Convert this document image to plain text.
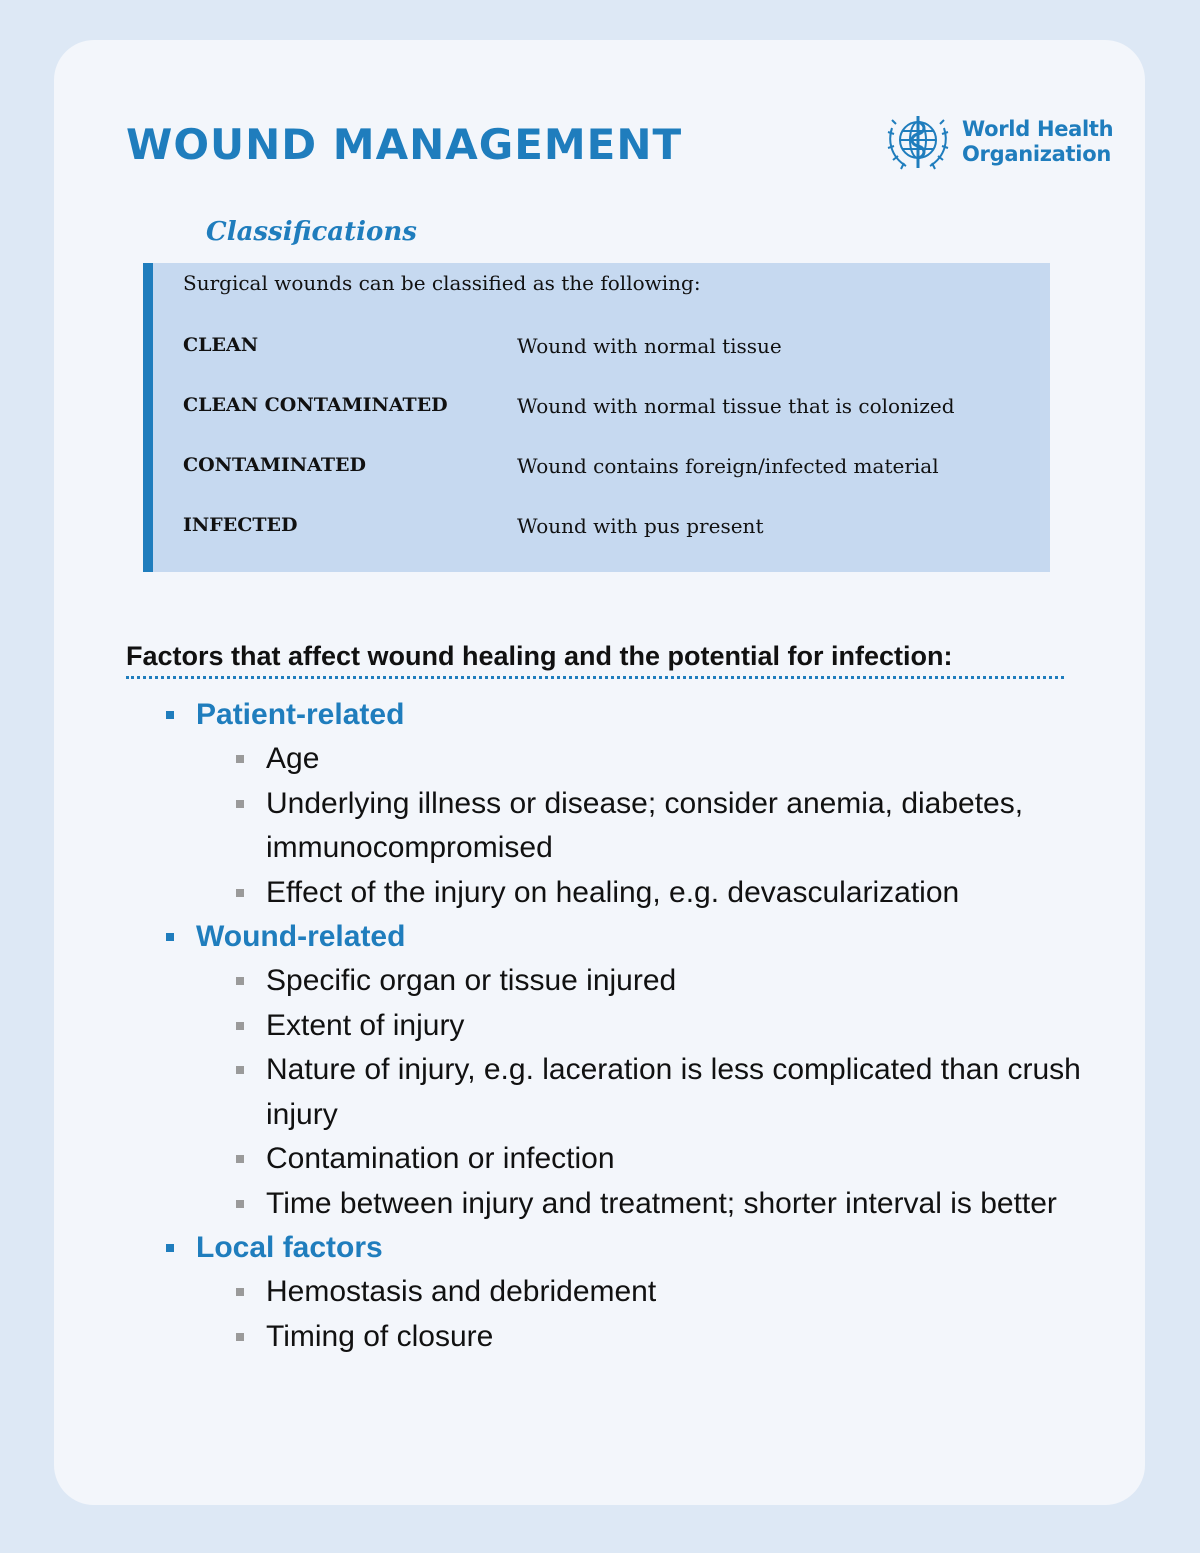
WOUND MANAGEMENT	World Health
Organization
Classifications
Surgical wounds can be classified as the following:
CLEAN	Wound with normal tissue
CLEAN CONTAMINATED	Wound with normal tissue that is colonized
CONTAMINATED	Wound contains foreign/infected material
INFECTED	Wound with pus present
Factors that affect wound healing and the potential for infection:
Patient-related
Age
Underlying illness or disease; consider anemia, diabetes, immunocompromised
Effect of the injury on healing, e.g. devascularization
Wound-related
Specific organ or tissue injured
Extent of injury
Nature of injury, e.g. laceration is less complicated than crush injury
Contamination or infection
Time between injury and treatment; shorter interval is better
Local factors
Hemostasis and debridement
Timing of closure
